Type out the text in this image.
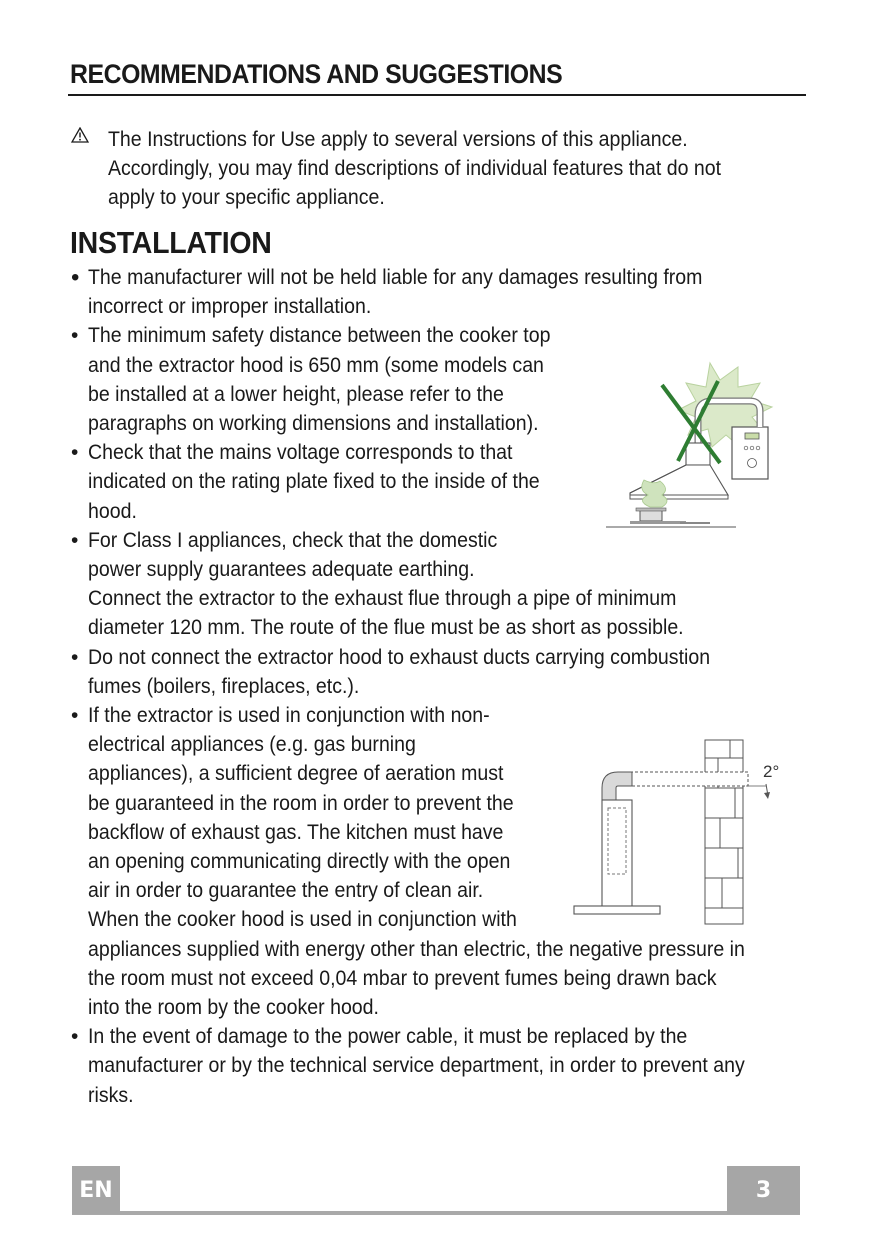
RECOMMENDATIONS AND SUGGESTIONS
The Instructions for Use apply to several versions of this appliance.
Accordingly, you may find descriptions of individual features that do not
apply to your specific appliance.
INSTALLATION
• The manufacturer will not be held liable for any damages resulting from
incorrect or improper installation.
• The minimum safety distance between the cooker top
and the extractor hood is 650 mm (some models can
be installed at a lower height, please refer to the
paragraphs on working dimensions and installation).
• Check that the mains voltage corresponds to that
indicated on the rating plate fixed to the inside of the
hood.
• For Class I appliances, check that the domestic
power supply guarantees adequate earthing.
Connect the extractor to the exhaust flue through a pipe of minimum
diameter 120 mm. The route of the flue must be as short as possible.
• Do not connect the extractor hood to exhaust ducts carrying combustion
fumes (boilers, fireplaces, etc.).
• If the extractor is used in conjunction with non-
electrical appliances (e.g. gas burning
appliances), a sufficient degree of aeration must
be guaranteed in the room in order to prevent the
backflow of exhaust gas. The kitchen must have
an opening communicating directly with the open
air in order to guarantee the entry of clean air.
When the cooker hood is used in conjunction with
appliances supplied with energy other than electric, the negative pressure in
the room must not exceed 0,04 mbar to prevent fumes being drawn back
into the room by the cooker hood.
• In the event of damage to the power cable, it must be replaced by the
manufacturer or by the technical service department, in order to prevent any
risks.
2°
EN	3
